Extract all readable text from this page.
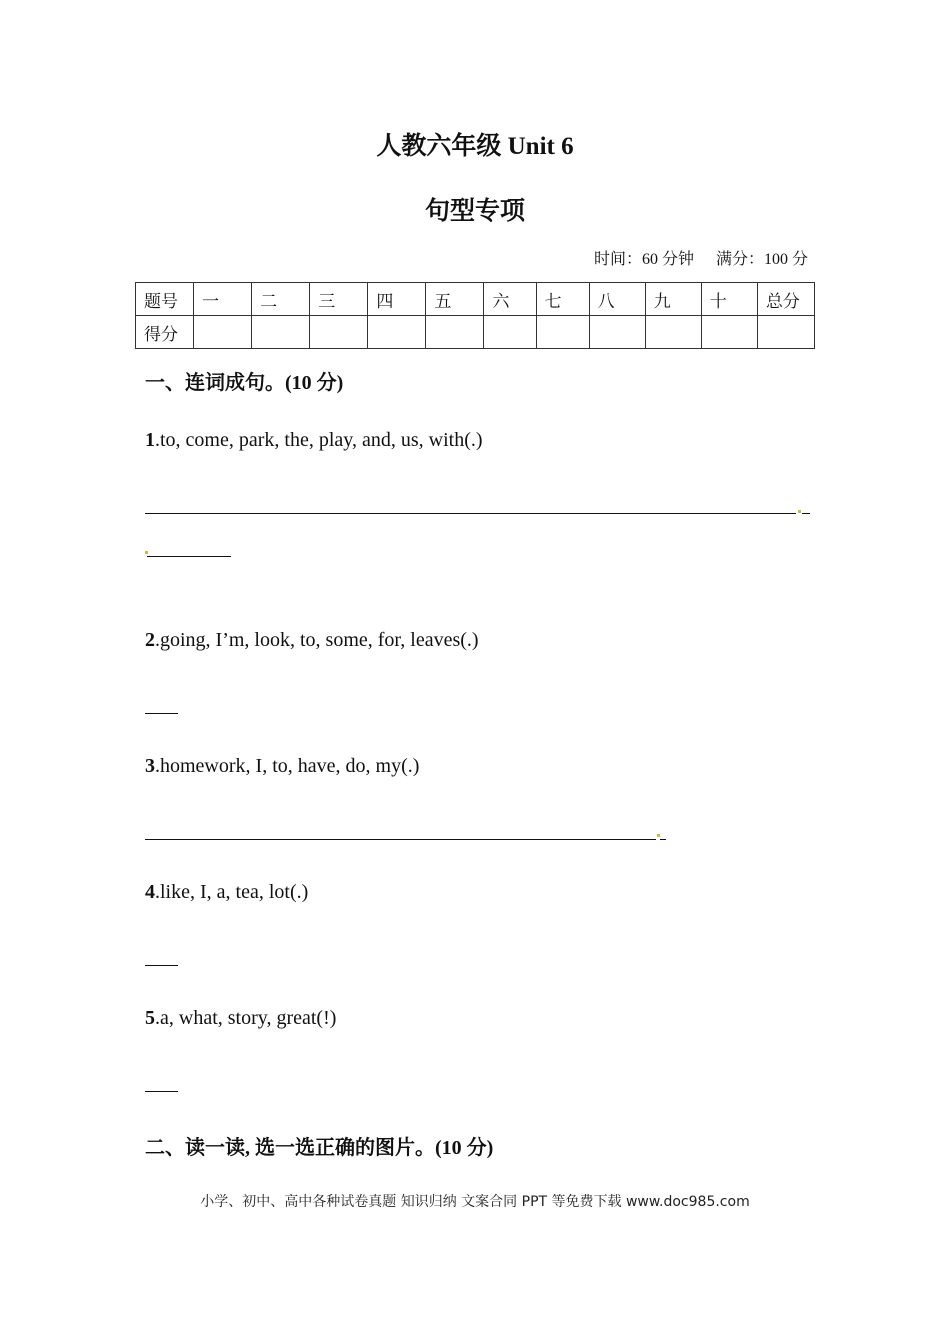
人教六年级 Unit 6
句型专项
时间：60 分钟 满分：100 分
题号	一	二	三	四	五	六	七	八	九	十	总分
得分											
一、连词成句。(10 分)
1.to, come, park, the, play, and, us, with(.)
2.going, I’m, look, to, some, for, leaves(.)
3.homework, I, to, have, do, my(.)
4.like, I, a, tea, lot(.)
5.a, what, story, great(!)
二、读一读, 选一选正确的图片。(10 分)
小学、初中、高中各种试卷真题 知识归纳 文案合同 PPT 等免费下载 www.doc985.com
